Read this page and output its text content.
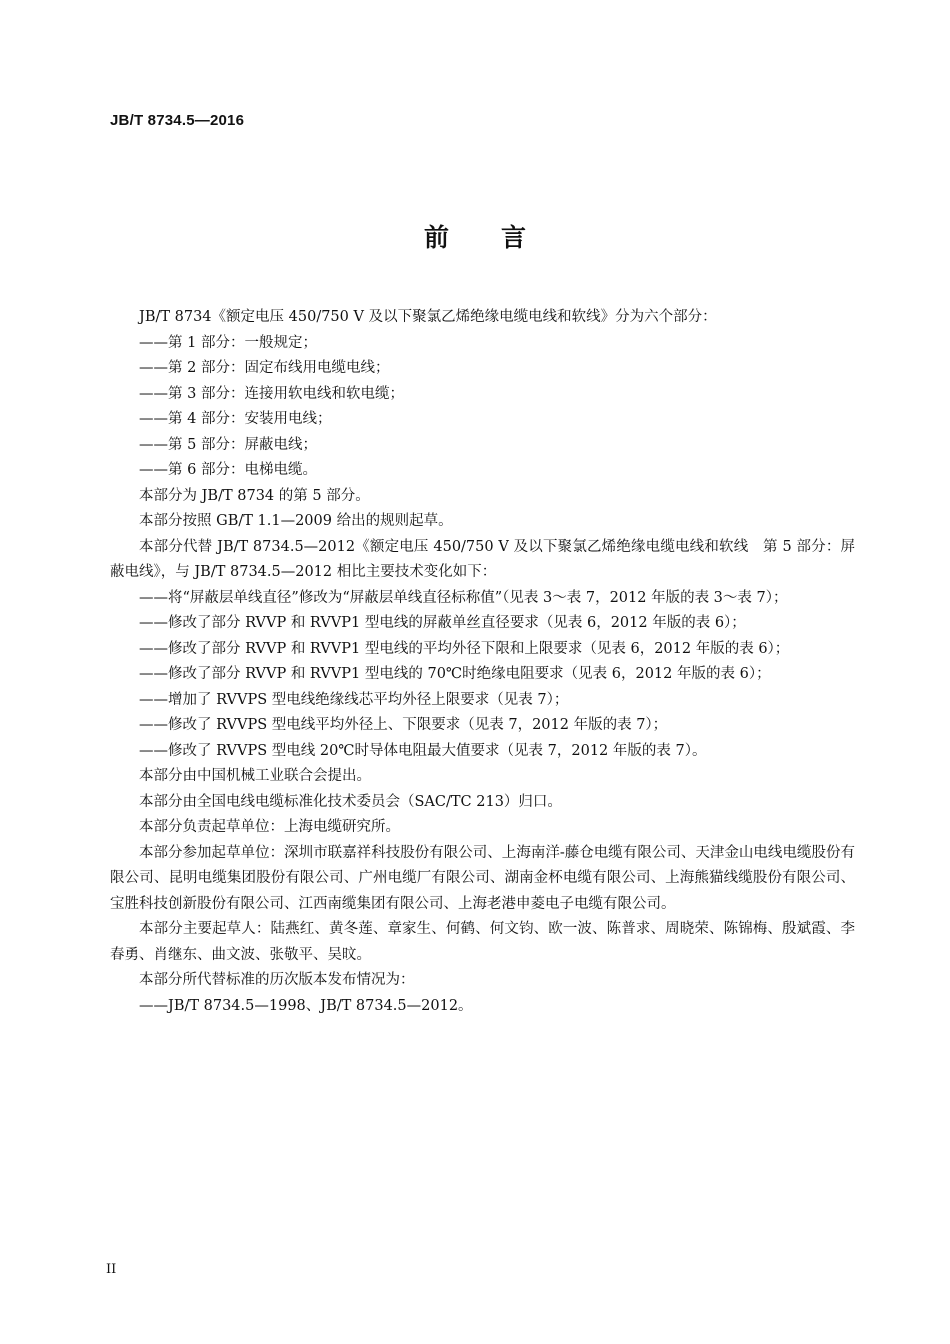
JB/T 8734.5—2016
前言

JB/T 8734《额定电压 450/750 V 及以下聚氯乙烯绝缘电缆电线和软线》分为六个部分：

——第 1 部分：一般规定；

——第 2 部分：固定布线用电缆电线；

——第 3 部分：连接用软电线和软电缆；

——第 4 部分：安装用电线；

——第 5 部分：屏蔽电线；

——第 6 部分：电梯电缆。

本部分为 JB/T 8734 的第 5 部分。

本部分按照 GB/T 1.1—2009 给出的规则起草。

本部分代替 JB/T 8734.5—2012《额定电压 450/750 V 及以下聚氯乙烯绝缘电缆电线和软线　第 5 部分：屏蔽电线》，与 JB/T 8734.5—2012 相比主要技术变化如下：

——将“屏蔽层单线直径”修改为“屏蔽层单线直径标称值”（见表 3～表 7，2012 年版的表 3～表 7）；

——修改了部分 RVVP 和 RVVP1 型电线的屏蔽单丝直径要求（见表 6，2012 年版的表 6）；

——修改了部分 RVVP 和 RVVP1 型电线的平均外径下限和上限要求（见表 6，2012 年版的表 6）；

——修改了部分 RVVP 和 RVVP1 型电线的 70℃时绝缘电阻要求（见表 6，2012 年版的表 6）；

——增加了 RVVPS 型电线绝缘线芯平均外径上限要求（见表 7）；

——修改了 RVVPS 型电线平均外径上、下限要求（见表 7，2012 年版的表 7）；

——修改了 RVVPS 型电线 20℃时导体电阻最大值要求（见表 7，2012 年版的表 7）。

本部分由中国机械工业联合会提出。

本部分由全国电线电缆标准化技术委员会（SAC/TC 213）归口。

本部分负责起草单位：上海电缆研究所。

本部分参加起草单位：深圳市联嘉祥科技股份有限公司、上海南洋-藤仓电缆有限公司、天津金山电线电缆股份有限公司、昆明电缆集团股份有限公司、广州电缆厂有限公司、湖南金杯电缆有限公司、上海熊猫线缆股份有限公司、宝胜科技创新股份有限公司、江西南缆集团有限公司、上海老港申菱电子电缆有限公司。

本部分主要起草人：陆燕红、黄冬莲、章家生、何鹤、何文钧、欧一波、陈普求、周晓荣、陈锦梅、殷斌霞、李春勇、肖继东、曲文波、张敬平、吴旼。

本部分所代替标准的历次版本发布情况为：

——JB/T 8734.5—1998、JB/T 8734.5—2012。

II
